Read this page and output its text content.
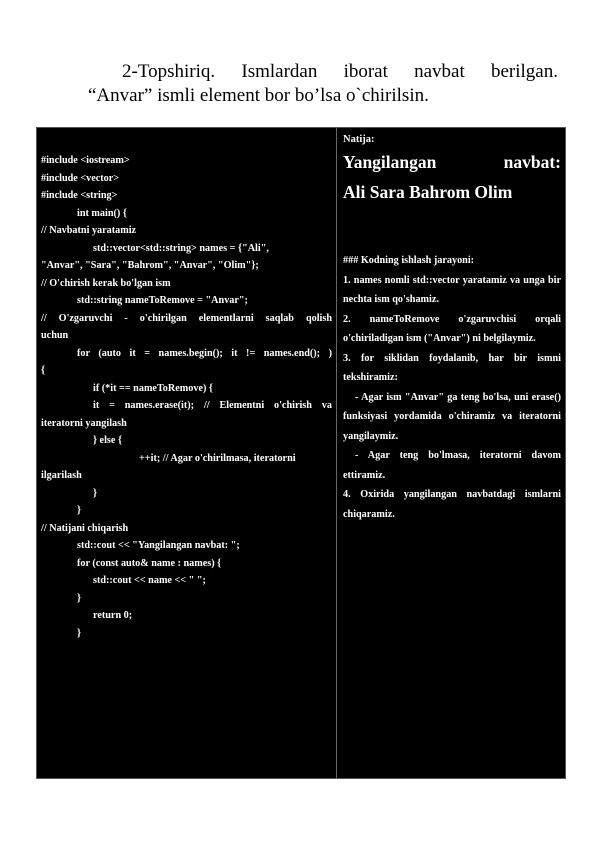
2-Topshiriq. Ismlardan iborat navbat berilgan.
“Anvar” ismli element bor bo’lsa o`chirilsin.
#include <iostream>
#include <vector>
#include <string>
int main() {
// Navbatni yaratamiz
std::vector<std::string> names = {"Ali",
"Anvar", "Sara", "Bahrom", "Anvar", "Olim"};
// O'chirish kerak bo'lgan ism
std::string nameToRemove = "Anvar";
// O'zgaruvchi - o'chirilgan elementlarni saqlab qolish
uchun
for (auto it = names.begin(); it != names.end(); )
{
if (*it == nameToRemove) {
it = names.erase(it); // Elementni o'chirish va
iteratorni yangilash
} else {
++it; // Agar o'chirilmasa, iteratorni
ilgarilash
}
}
// Natijani chiqarish
std::cout << "Yangilangan navbat: ";
for (const auto& name : names) {
std::cout << name << " ";
}
return 0;
}
Natija:
Yangilangan navbat:
Ali Sara Bahrom Olim

### Kodning ishlash jarayoni:

1. names nomli std::vector yaratamiz va unga bir nechta ism qo'shamiz.

2. nameToRemove o'zgaruvchisi orqali o'chiriladigan ism ("Anvar") ni belgilaymiz.

3. for siklidan foydalanib, har bir ismni tekshiramiz:

- Agar ism "Anvar" ga teng bo'lsa, uni erase() funksiyasi yordamida o'chiramiz va iteratorni yangilaymiz.

- Agar teng bo'lmasa, iteratorni davom ettiramiz.

4. Oxirida yangilangan navbatdagi ismlarni chiqaramiz.
